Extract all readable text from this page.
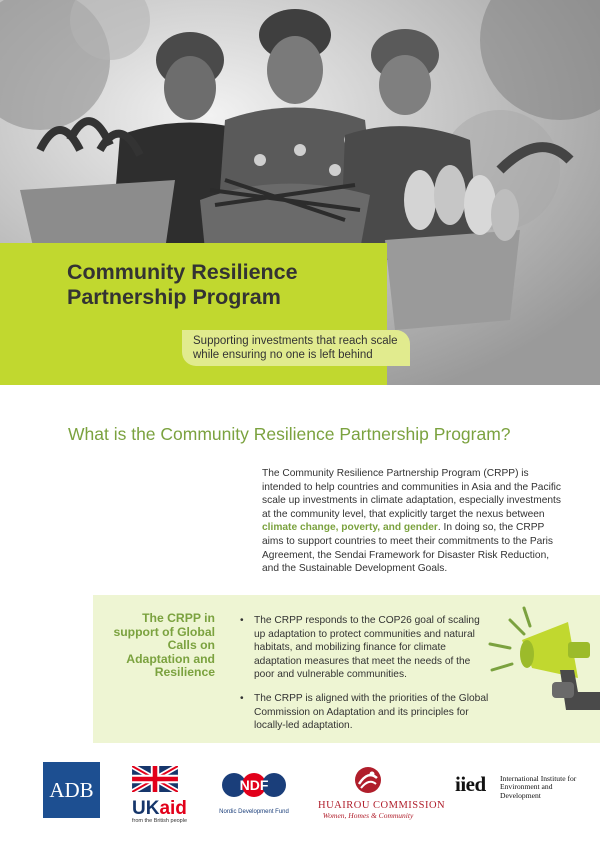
Community Resilience
Partnership Program
Supporting investments that reach scale
while ensuring no one is left behind
What is the Community Resilience Partnership Program?

The Community Resilience Partnership Program (CRPP) is intended to help countries and communities in Asia and the Pacific scale up investments in climate adaptation, especially investments at the community level, that explicitly target the nexus between climate change, poverty, and gender. In doing so, the CRPP aims to support countries to meet their commitments to the Paris Agreement, the Sendai Framework for Disaster Risk Reduction, and the Sustainable Development Goals.

The CRPP in support of Global Calls on Adaptation and Resilience

• The CRPP responds to the COP26 goal of scaling up adaptation to protect communities and natural habitats, and mobilizing finance for climate adaptation measures that meet the needs of the poor and vulnerable communities.
• The CRPP is aligned with the priorities of the Global Commission on Adaptation and its principles for locally-led adaptation.
ADB
UKaid
from the British people
NDF
Nordic Development Fund
HUAIROU COMMISSION
Women, Homes & Community
iied International Institute for Environment and Development
